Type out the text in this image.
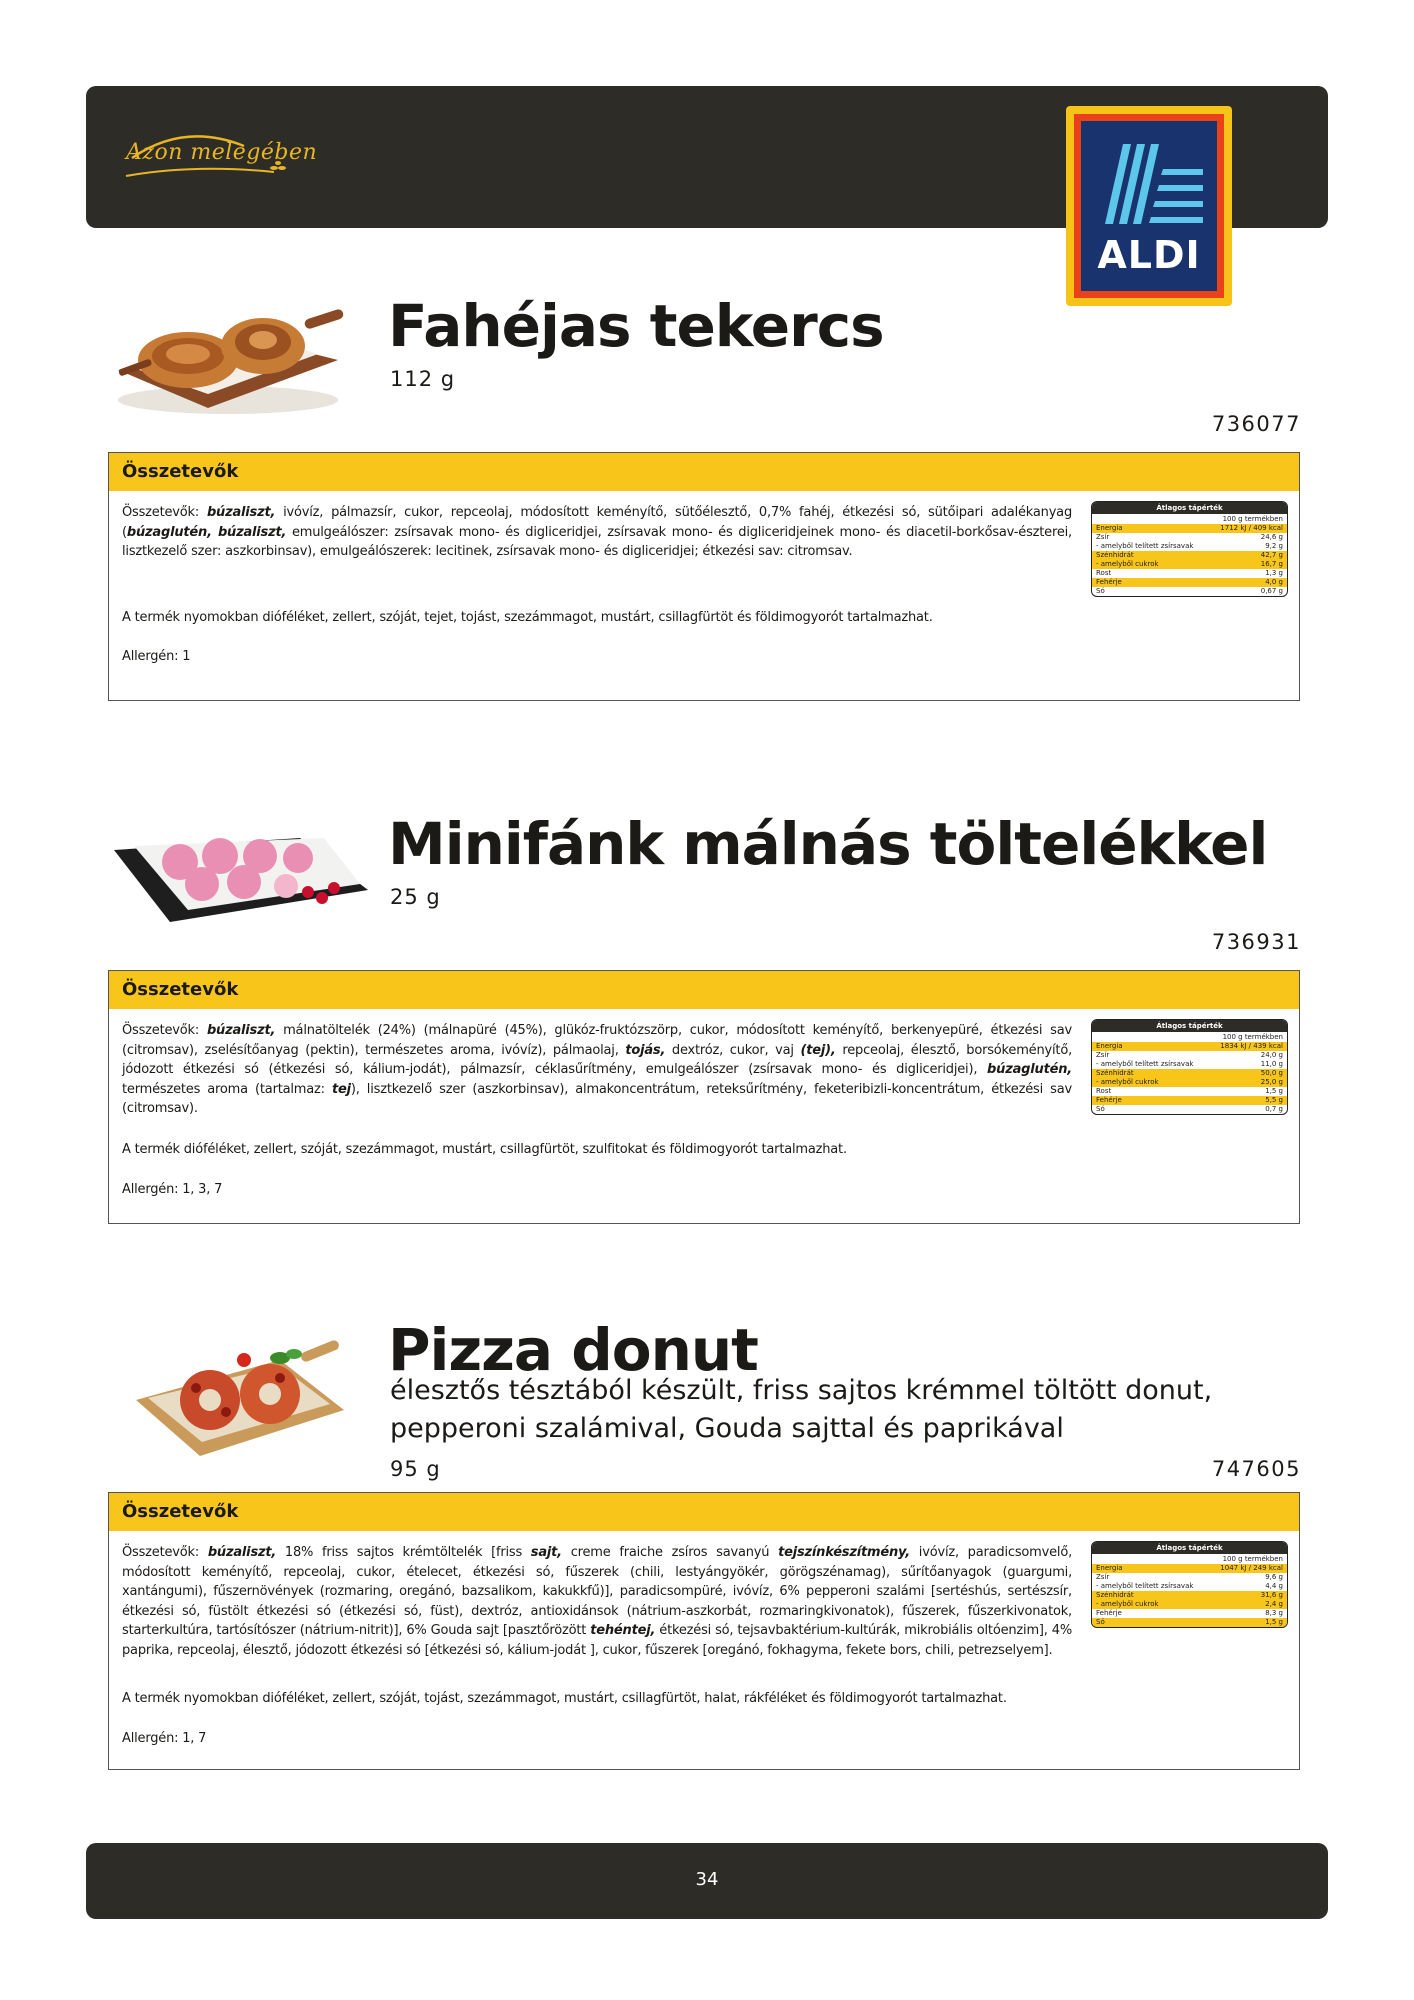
Azon melegében
ALDI
Fahéjas tekercs
112 g
736077
Összetevők
Összetevők: búzaliszt, ivóvíz, pálmazsír, cukor, repceolaj, módosított keményítő, sütőélesztő, 0,7% fahéj, étkezési só, sütőipari adalékanyag (búzaglutén, búzaliszt, emulgeálószer: zsírsavak mono- és digliceridjei, zsírsavak mono- és digliceridjeinek mono- és diacetil-borkősav-észterei, lisztkezelő szer: aszkorbinsav), emulgeálószerek: lecitinek, zsírsavak mono- és digliceridjei; étkezési sav: citromsav.
A termék nyomokban dióféléket, zellert, szóját, tejet, tojást, szezámmagot, mustárt, csillagfürtöt és földimogyorót tartalmazhat.
Allergén: 1
Átlagos tápérték
100 g termékben
Energia	1712 kJ / 409 kcal
Zsír	24,6 g
- amelyből telített zsírsavak	9,2 g
Szénhidrát	42,7 g
- amelyből cukrok	16,7 g
Rost	1,3 g
Fehérje	4,0 g
Só	0,67 g
Minifánk málnás töltelékkel
25 g
736931
Összetevők
Összetevők: búzaliszt, málnatöltelék (24%) (málnapüré (45%), glükóz-fruktózszörp, cukor, módosított keményítő, berkenyepüré, étkezési sav (citromsav), zselésítőanyag (pektin), természetes aroma, ivóvíz), pálmaolaj, tojás, dextróz, cukor, vaj (tej), repceolaj, élesztő, borsókeményítő, jódozott étkezési só (étkezési só, kálium-jodát), pálmazsír, céklasűrítmény, emulgeálószer (zsírsavak mono- és digliceridjei), búzaglutén, természetes aroma (tartalmaz: tej), lisztkezelő szer (aszkorbinsav), almakoncentrátum, reteksűrítmény, feketeribizli-koncentrátum, étkezési sav (citromsav).
A termék dióféléket, zellert, szóját, szezámmagot, mustárt, csillagfürtöt, szulfitokat és földimogyorót tartalmazhat.
Allergén: 1, 3, 7
Átlagos tápérték
100 g termékben
Energia	1834 kJ / 439 kcal
Zsír	24,0 g
- amelyből telített zsírsavak	11,0 g
Szénhidrát	50,0 g
- amelyből cukrok	25,0 g
Rost	1,5 g
Fehérje	5,5 g
Só	0,7 g
Pizza donut
élesztős tésztából készült, friss sajtos krémmel töltött donut,
pepperoni szalámival, Gouda sajttal és paprikával
95 g	747605
Összetevők
Összetevők: búzaliszt, 18% friss sajtos krémtöltelék [friss sajt, creme fraiche zsíros savanyú tejszínkészítmény, ivóvíz, paradicsomvelő, módosított keményítő, repceolaj, cukor, ételecet, étkezési só, fűszerek (chili, lestyángyökér, görögszénamag), sűrítőanyagok (guargumi, xantángumi), fűszernövények (rozmaring, oregánó, bazsalikom, kakukkfű)], paradicsompüré, ivóvíz, 6% pepperoni szalámi [sertéshús, sertészsír, étkezési só, füstölt étkezési só (étkezési só, füst), dextróz, antioxidánsok (nátrium-aszkorbát, rozmaringkivonatok), fűszerek, fűszerkivonatok, starterkultúra, tartósítószer (nátrium-nitrit)], 6% Gouda sajt [pasztőrözött tehéntej, étkezési só, tejsavbaktérium-kultúrák, mikrobiális oltóenzim], 4% paprika, repceolaj, élesztő, jódozott étkezési só [étkezési só, kálium-jodát ], cukor, fűszerek [oregánó, fokhagyma, fekete bors, chili, petrezselyem].
A termék nyomokban dióféléket, zellert, szóját, tojást, szezámmagot, mustárt, csillagfürtöt, halat, rákféléket és földimogyorót tartalmazhat.
Allergén: 1, 7
Átlagos tápérték
100 g termékben
Energia	1047 kJ / 249 kcal
Zsír	9,6 g
- amelyből telített zsírsavak	4,4 g
Szénhidrát	31,6 g
- amelyből cukrok	2,4 g
Fehérje	8,3 g
Só	1,5 g
34
